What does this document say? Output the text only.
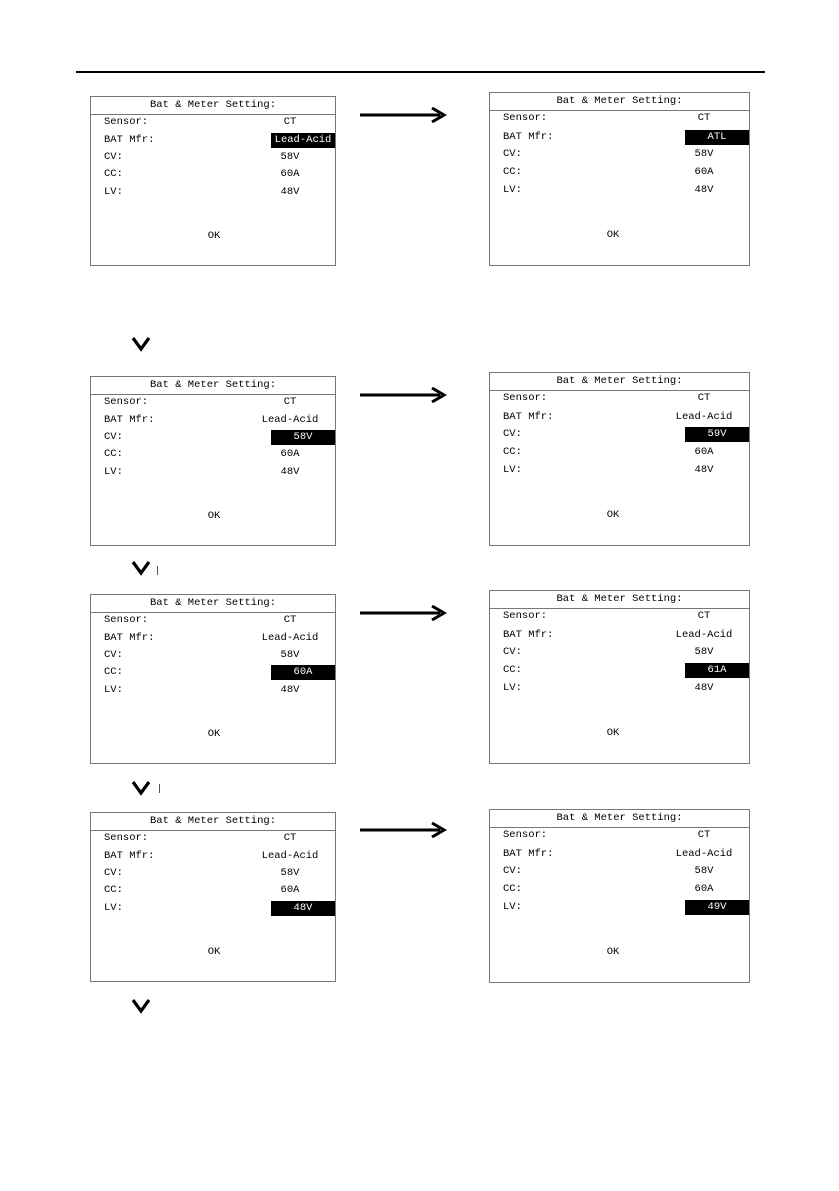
Bat & Meter Setting:
Sensor:	CT
BAT Mfr:	Lead-Acid
CV:	58V
CC:	60A
LV:	48V
OK
Bat & Meter Setting:
Sensor:	CT
BAT Mfr:	ATL
CV:	58V
CC:	60A
LV:	48V
OK
Bat & Meter Setting:
Sensor:	CT
BAT Mfr:	Lead-Acid
CV:	58V
CC:	60A
LV:	48V
OK
Bat & Meter Setting:
Sensor:	CT
BAT Mfr:	Lead-Acid
CV:	59V
CC:	60A
LV:	48V
OK
Bat & Meter Setting:
Sensor:	CT
BAT Mfr:	Lead-Acid
CV:	58V
CC:	60A
LV:	48V
OK
Bat & Meter Setting:
Sensor:	CT
BAT Mfr:	Lead-Acid
CV:	58V
CC:	61A
LV:	48V
OK
Bat & Meter Setting:
Sensor:	CT
BAT Mfr:	Lead-Acid
CV:	58V
CC:	60A
LV:	48V
OK
Bat & Meter Setting:
Sensor:	CT
BAT Mfr:	Lead-Acid
CV:	58V
CC:	60A
LV:	49V
OK
